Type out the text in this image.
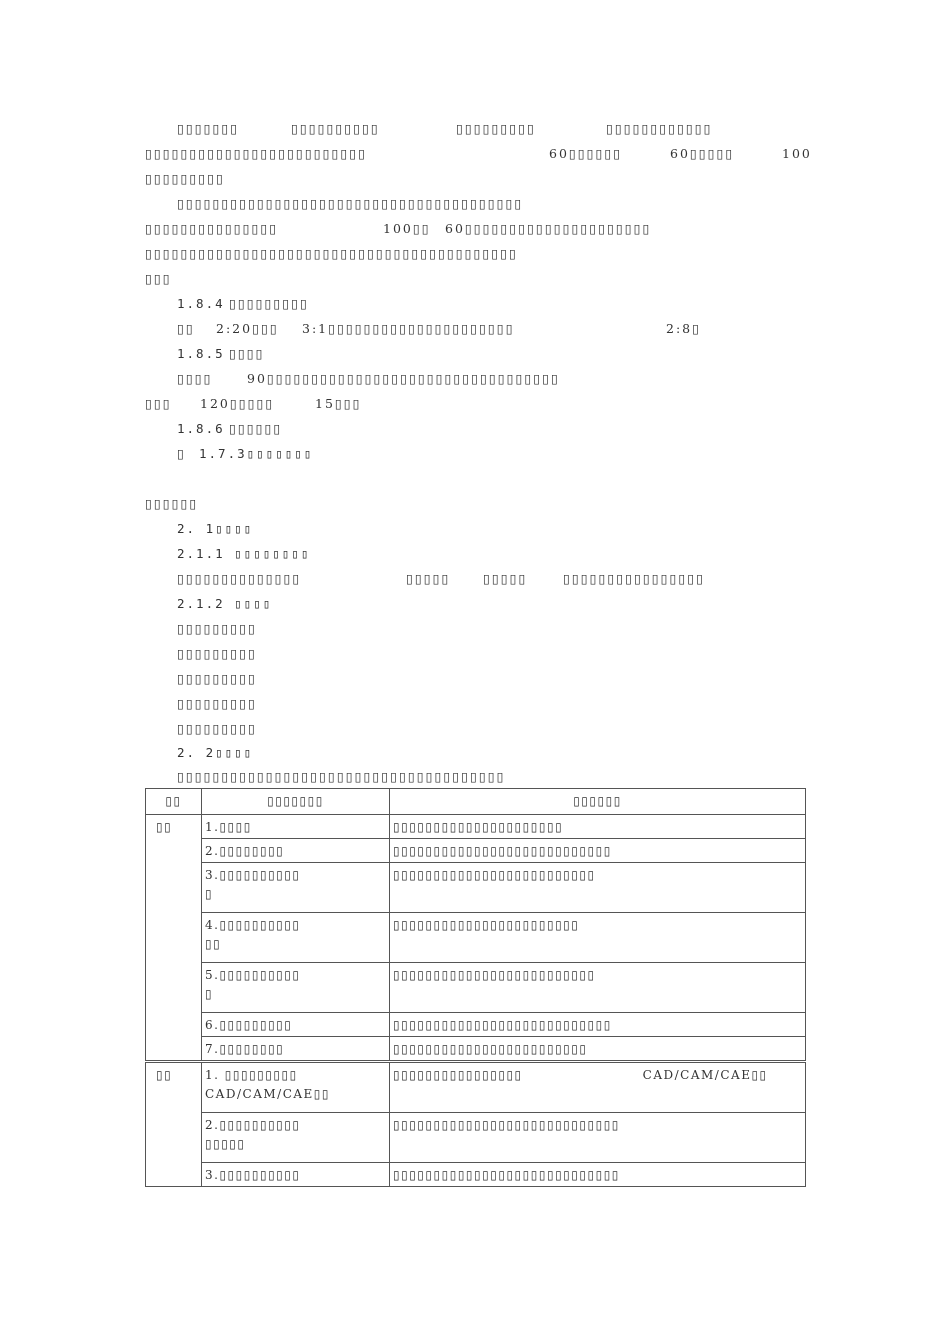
▯▯▯▯▯▯▯	▯▯▯▯▯▯▯▯▯▯	▯▯▯▯▯▯▯▯▯	▯▯▯▯▯▯▯▯▯▯▯▯
▯▯▯▯▯▯▯▯▯▯▯▯▯▯▯▯▯▯▯▯▯▯▯▯▯	60▯▯▯▯▯▯	60▯▯▯▯▯	100
▯▯▯▯▯▯▯▯▯
▯▯▯▯▯▯▯▯▯▯▯▯▯▯▯▯▯▯▯▯▯▯▯▯▯▯▯▯▯▯▯▯▯▯▯▯▯▯▯
▯▯▯▯▯▯▯▯▯▯▯▯▯▯▯	100▯▯ 60▯▯▯▯▯▯▯▯▯▯▯▯▯▯▯▯▯▯▯▯▯
▯▯▯▯▯▯▯▯▯▯▯▯▯▯▯▯▯▯▯▯▯▯▯▯▯▯▯▯▯▯▯▯▯▯▯▯▯▯▯▯▯▯
▯▯▯
1.8.4 ▯▯▯▯▯▯▯▯▯
▯▯ 2:20▯▯▯ 3:1▯▯▯▯▯▯▯▯▯▯▯▯▯▯▯▯▯▯▯▯▯	2:8▯
1.8.5 ▯▯▯▯
▯▯▯▯	90▯▯▯▯▯▯▯▯▯▯▯▯▯▯▯▯▯▯▯▯▯▯▯▯▯▯▯▯▯▯▯▯▯
▯▯▯ 120▯▯▯▯▯	15▯▯▯
1.8.6 ▯▯▯▯▯▯
▯ 1.7.3▯▯▯▯▯▯▯
▯▯▯▯▯▯
2. 1▯▯▯▯
2.1.1 ▯▯▯▯▯▯▯▯
▯▯▯▯▯▯▯▯▯▯▯▯▯▯	▯▯▯▯▯	▯▯▯▯▯	▯▯▯▯▯▯▯▯▯▯▯▯▯▯▯▯
2.1.2 ▯▯▯▯
▯▯▯▯▯▯▯▯▯
▯▯▯▯▯▯▯▯▯
▯▯▯▯▯▯▯▯▯
▯▯▯▯▯▯▯▯▯
▯▯▯▯▯▯▯▯▯
2. 2▯▯▯▯
▯▯▯▯▯▯▯▯▯▯▯▯▯▯▯▯▯▯▯▯▯▯▯▯▯▯▯▯▯▯▯▯▯▯▯▯▯
▯▯	▯▯▯▯▯▯▯	▯▯▯▯▯▯
▯▯	1.▯▯▯▯	▯▯▯▯▯▯▯▯▯▯▯▯▯▯▯▯▯▯▯▯▯
	2.▯▯▯▯▯▯▯▯	▯▯▯▯▯▯▯▯▯▯▯▯▯▯▯▯▯▯▯▯▯▯▯▯▯▯▯

	3.▯▯▯▯▯▯▯▯▯▯
▯	▯▯▯▯▯▯▯▯▯▯▯▯▯▯▯▯▯▯▯▯▯▯▯▯▯

	4.▯▯▯▯▯▯▯▯▯▯
▯▯	▯▯▯▯▯▯▯▯▯▯▯▯▯▯▯▯▯▯▯▯▯▯▯

	5.▯▯▯▯▯▯▯▯▯▯
▯	▯▯▯▯▯▯▯▯▯▯▯▯▯▯▯▯▯▯▯▯▯▯▯▯▯
	6.▯▯▯▯▯▯▯▯▯	▯▯▯▯▯▯▯▯▯▯▯▯▯▯▯▯▯▯▯▯▯▯▯▯▯▯▯
	7.▯▯▯▯▯▯▯▯	▯▯▯▯▯▯▯▯▯▯▯▯▯▯▯▯▯▯▯▯▯▯▯▯
▯▯	1. ▯▯▯▯▯▯▯▯▯
CAD/CAM/CAE▯▯	▯▯▯▯▯▯▯▯▯▯▯▯▯▯▯▯ CAD/CAM/CAE▯▯

	2.▯▯▯▯▯▯▯▯▯▯
▯▯▯▯▯	▯▯▯▯▯▯▯▯▯▯▯▯▯▯▯▯▯▯▯▯▯▯▯▯▯▯▯▯
	3.▯▯▯▯▯▯▯▯▯▯	▯▯▯▯▯▯▯▯▯▯▯▯▯▯▯▯▯▯▯▯▯▯▯▯▯▯▯▯
